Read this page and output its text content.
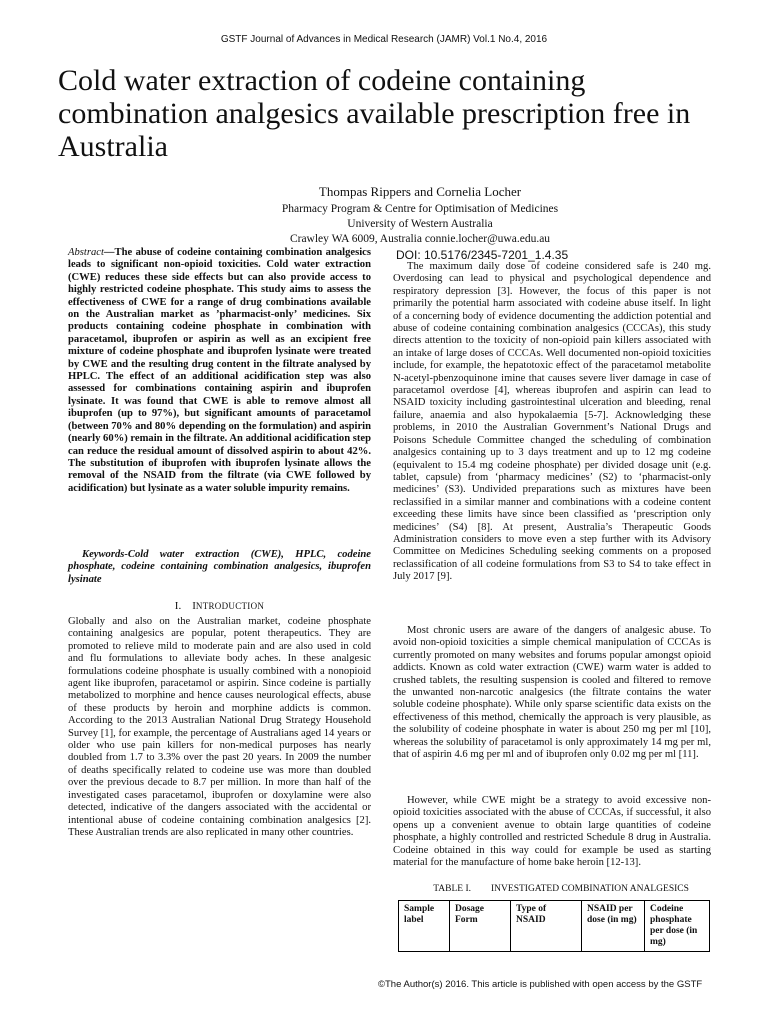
GSTF Journal of Advances in Medical Research (JAMR) Vol.1 No.4, 2016
Cold water extraction of codeine containing combination analgesics available prescription free in Australia
Thompas Rippers and Cornelia Locher
Pharmacy Program & Centre for Optimisation of Medicines
University of Western Australia
Crawley WA 6009, Australia connie.locher@uwa.edu.au
Abstract—The abuse of codeine containing combination analgesics leads to significant non-opioid toxicities. Cold water extraction (CWE) reduces these side effects but can also provide access to highly restricted codeine phosphate. This study aims to assess the effectiveness of CWE for a range of drug combinations available on the Australian market as ’pharmacist-only’ medicines. Six products containing codeine phosphate in combination with paracetamol, ibuprofen or aspirin as well as an excipient free mixture of codeine phosphate and ibuprofen lysinate were treated by CWE and the resulting drug content in the filtrate analysed by HPLC. The effect of an additional acidification step was also assessed for combinations containing aspirin and ibuprofen lysinate. It was found that CWE is able to remove almost all ibuprofen (up to 97%), but significant amounts of paracetamol (between 70% and 80% depending on the formulation) and aspirin (nearly 60%) remain in the filtrate. An additional acidification step can reduce the residual amount of dissolved aspirin to about 42%. The substitution of ibuprofen with ibuprofen lysinate allows the removal of the NSAID from the filtrate (via CWE followed by acidification) but lysinate as a water soluble impurity remains.
Keywords-Cold water extraction (CWE), HPLC, codeine phosphate, codeine containing combination analgesics, ibuprofen lysinate
I. INTRODUCTION
Globally and also on the Australian market, codeine phosphate containing analgesics are popular, potent therapeutics. They are promoted to relieve mild to moderate pain and are also used in cold and flu formulations to alleviate body aches. In these analgesic formulations codeine phosphate is usually combined with a nonopioid agent like ibuprofen, paracetamol or aspirin. Since codeine is partially metabolized to morphine and hence causes neurological effects, abuse of these products by heroin and morphine addicts is common. According to the 2013 Australian National Drug Strategy Household Survey [1], for example, the percentage of Australians aged 14 years or older who use pain killers for non-medical purposes has nearly doubled from 1.7 to 3.3% over the past 20 years. In 2009 the number of deaths specifically related to codeine use was more than doubled over the previous decade to 8.7 per million. In more than half of the investigated cases paracetamol, ibuprofen or doxylamine were also detected, indicative of the dangers associated with the accidental or intentional abuse of codeine containing combination analgesics [2]. These Australian trends are also replicated in many other countries.
DOI: 10.5176/2345-7201_1.4.35
The maximum daily dose of codeine considered safe is 240 mg. Overdosing can lead to physical and psychological dependence and respiratory depression [3]. However, the focus of this paper is not primarily the potential harm associated with codeine abuse itself. In light of a concerning body of evidence documenting the addiction potential and abuse of codeine containing combination analgesics (CCCAs), this study directs attention to the toxicity of non-opioid pain killers associated with an intake of large doses of CCCAs. Well documented non-opioid toxicities include, for example, the hepatotoxic effect of the paracetamol metabolite N-acetyl-pbenzoquinone imine that causes severe liver damage in case of paracetamol overdose [4], whereas ibuprofen and aspirin can lead to NSAID toxicity including gastrointestinal ulceration and bleeding, renal failure, anaemia and also hypokalaemia [5-7]. Acknowledging these problems, in 2010 the Australian Government’s National Drugs and Poisons Schedule Committee changed the scheduling of combination analgesics containing up to 3 days treatment and up to 12 mg codeine (equivalent to 15.4 mg codeine phosphate) per divided dosage unit (e.g. tablet, capsule) from ‘pharmacy medicines’ (S2) to ‘pharmacist-only medicines’ (S3). Undivided preparations such as mixtures have been reclassified in a similar manner and combinations with a codeine content exceeding these limits have since been classified as ‘prescription only medicines’ (S4) [8]. At present, Australia’s Therapeutic Goods Administration considers to move even a step further with its Advisory Committee on Medicines Scheduling seeking comments on a proposed reclassification of all codeine formulations from S3 to S4 to take effect in July 2017 [9].
Most chronic users are aware of the dangers of analgesic abuse. To avoid non-opioid toxicities a simple chemical manipulation of CCCAs is currently promoted on many websites and forums popular amongst opioid addicts. Known as cold water extraction (CWE) warm water is added to crushed tablets, the resulting suspension is cooled and filtered to remove the unwanted non-narcotic analgesics (the filtrate contains the water soluble codeine phosphate). While only sparse scientific data exists on the effectiveness of this method, chemically the approach is very plausible, as the solubility of codeine phosphate in water is about 250 mg per ml [10], whereas the solubility of paracetamol is only approximately 14 mg per ml, that of aspirin 4.6 mg per ml and of ibuprofen only 0.02 mg per ml [11].
However, while CWE might be a strategy to avoid excessive non-opioid toxicities associated with the abuse of CCCAs, if successful, it also opens up a convenient avenue to obtain large quantities of codeine phosphate, a highly controlled and restricted Schedule 8 drug in Australia. Codeine obtained in this way could for example be used as starting material for the manufacture of home bake heroin [12-13].
TABLE I. INVESTIGATED COMBINATION ANALGESICS
Sample label	Dosage Form	Type of NSAID	NSAID per dose (in mg)	Codeine phosphate per dose (in mg)
©The Author(s) 2016. This article is published with open access by the GSTF
